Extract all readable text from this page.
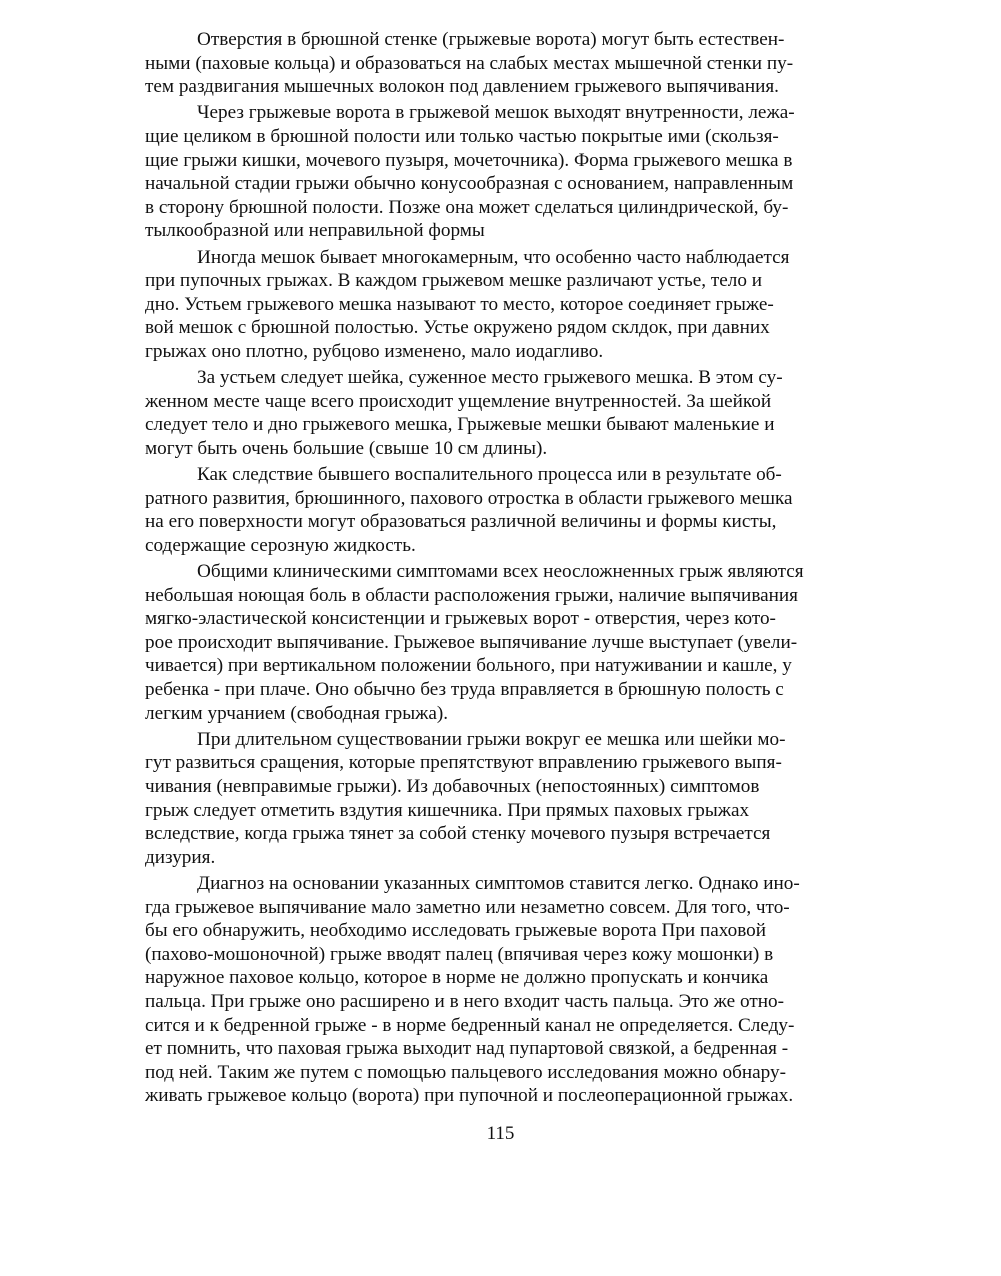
Отверстия в брюшной стенке (грыжевые ворота) могут быть естествен-
ными (паховые кольца) и образоваться на слабых местах мышечной стенки пу-
тем раздвигания мышечных волокон под давлением грыжевого выпячивания.

Через грыжевые ворота в грыжевой мешок выходят внутренности, лежа-
щие целиком в брюшной полости или только частью покрытые ими (скользя-
щие грыжи кишки, мочевого пузыря, мочеточника). Форма грыжевого мешка в
начальной стадии грыжи обычно конусообразная с основанием, направленным
в сторону брюшной полости. Позже она может сделаться цилиндрической, бу-
тылкообразной или неправильной формы

Иногда мешок бывает многокамерным, что особенно часто наблюдается
при пупочных грыжах. В каждом грыжевом мешке различают устье, тело и
дно. Устьем грыжевого мешка называют то место, которое соединяет грыже-
вой мешок с брюшной полостью. Устье окружено рядом склдок, при давних
грыжах оно плотно, рубцово изменено, мало иодагливо.

За устьем следует шейка, суженное место грыжевого мешка. В этом су-
женном месте чаще всего происходит ущемление внутренностей. За шейкой
следует тело и дно грыжевого мешка, Грыжевые мешки бывают маленькие и
могут быть очень большие (свыше 10 см длины).

Как следствие бывшего воспалительного процесса или в результате об-
ратного развития, брюшинного, пахового отростка в области грыжевого мешка
на его поверхности могут образоваться различной величины и формы кисты,
содержащие серозную жидкость.

Общими клиническими симптомами всех неосложненных грыж являются
небольшая ноющая боль в области расположения грыжи, наличие выпячивания
мягко-эластической консистенции и грыжевых ворот - отверстия, через кото-
рое происходит выпячивание. Грыжевое выпячивание лучше выступает (увели-
чивается) при вертикальном положении больного, при натуживании и кашле, у
ребенка - при плаче. Оно обычно без труда вправляется в брюшную полость с
легким урчанием (свободная грыжа).

При длительном существовании грыжи вокруг ее мешка или шейки мо-
гут развиться сращения, которые препятствуют вправлению грыжевого выпя-
чивания (невправимые грыжи). Из добавочных (непостоянных) симптомов
грыж следует отметить вздутия кишечника. При прямых паховых грыжах
вследствие, когда грыжа тянет за собой стенку мочевого пузыря встречается
дизурия.

Диагноз на основании указанных симптомов ставится легко. Однако ино-
гда грыжевое выпячивание мало заметно или незаметно совсем. Для того, что-
бы его обнаружить, необходимо исследовать грыжевые ворота При паховой
(пахово-мошоночной) грыже вводят палец (впячивая через кожу мошонки) в
наружное паховое кольцо, которое в норме не должно пропускать и кончика
пальца. При грыже оно расширено и в него входит часть пальца. Это же отно-
сится и к бедренной грыже - в норме бедренный канал не определяется. Следу-
ет помнить, что паховая грыжа выходит над пупартовой связкой, а бедренная -
под ней. Таким же путем с помощью пальцевого исследования можно обнару-
живать грыжевое кольцо (ворота) при пупочной и послеоперационной грыжах.

115
